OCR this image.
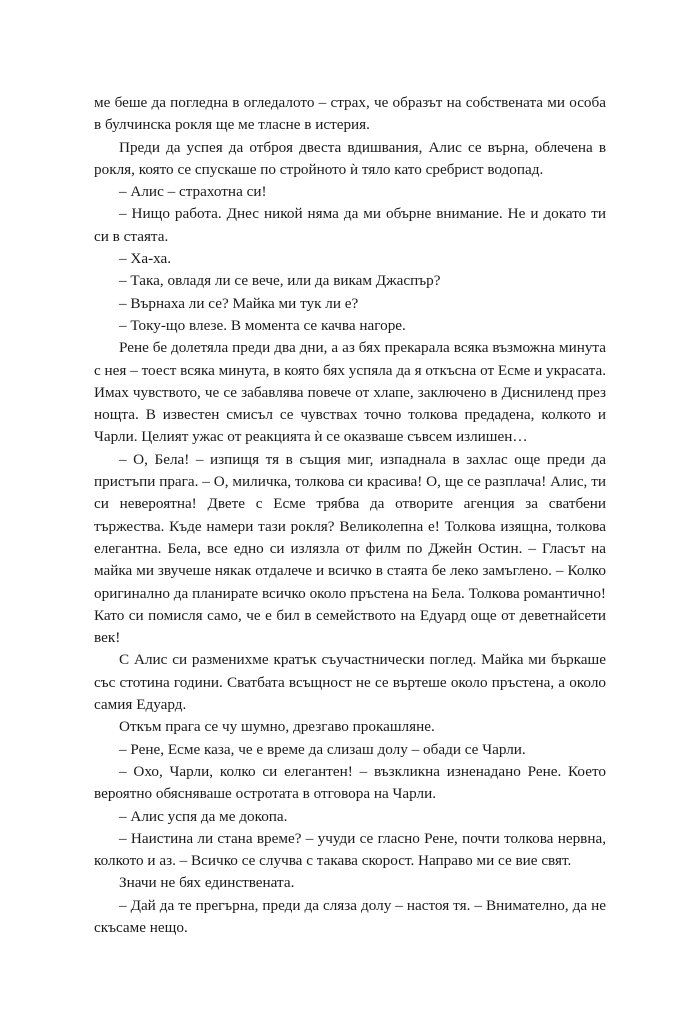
ме беше да погледна в огледалото – страх, че образът на собствената ми особа в булчинска рокля ще ме тласне в истерия.

Преди да успея да отброя двеста вдишвания, Алис се върна, облечена в рокля, която се спускаше по стройното ѝ тяло като сребрист водопад.

– Алис – страхотна си!

– Нищо работа. Днес никой няма да ми обърне внимание. Не и докато ти си в стаята.

– Ха-ха.

– Така, овладя ли се вече, или да викам Джаспър?

– Върнаха ли се? Майка ми тук ли е?

– Току-що влезе. В момента се качва нагоре.

Рене бе долетяла преди два дни, а аз бях прекарала всяка възможна минута с нея – тоест всяка минута, в която бях успяла да я откъсна от Есме и украсата. Имах чувството, че се забавлява повече от хлапе, заключено в Дисниленд през нощта. В известен смисъл се чувствах точно толкова предадена, колкото и Чарли. Целият ужас от реакцията ѝ се оказваше съвсем излишен…

– О, Бела! – изпищя тя в същия миг, изпаднала в захлас още преди да пристъпи прага. – О, миличка, толкова си красива! О, ще се разплача! Алис, ти си невероятна! Двете с Есме трябва да отворите агенция за сватбени тържества. Къде намери тази рокля? Великолепна е! Толкова изящна, толкова елегантна. Бела, все едно си излязла от филм по Джейн Остин. – Гласът на майка ми звучеше някак отдалече и всичко в стаята бе леко замъглено. – Колко оригинално да планирате всичко около пръстена на Бела. Толкова романтично! Като си помисля само, че е бил в семейството на Едуард още от деветнайсети век!

С Алис си разменихме кратък съучастнически поглед. Майка ми бъркаше със стотина години. Сватбата всъщност не се въртеше около пръстена, а около самия Едуард.

Откъм прага се чу шумно, дрезгаво прокашляне.

– Рене, Есме каза, че е време да слизаш долу – обади се Чарли.

– Охо, Чарли, колко си елегантен! – възкликна изненадано Рене. Което вероятно обясняваше остротата в отговора на Чарли.

– Алис успя да ме докопа.

– Наистина ли стана време? – учуди се гласно Рене, почти толкова нервна, колкото и аз. – Всичко се случва с такава скорост. Направо ми се вие свят.

Значи не бях единствената.

– Дай да те прегърна, преди да сляза долу – настоя тя. – Внимателно, да не скъсаме нещо.
